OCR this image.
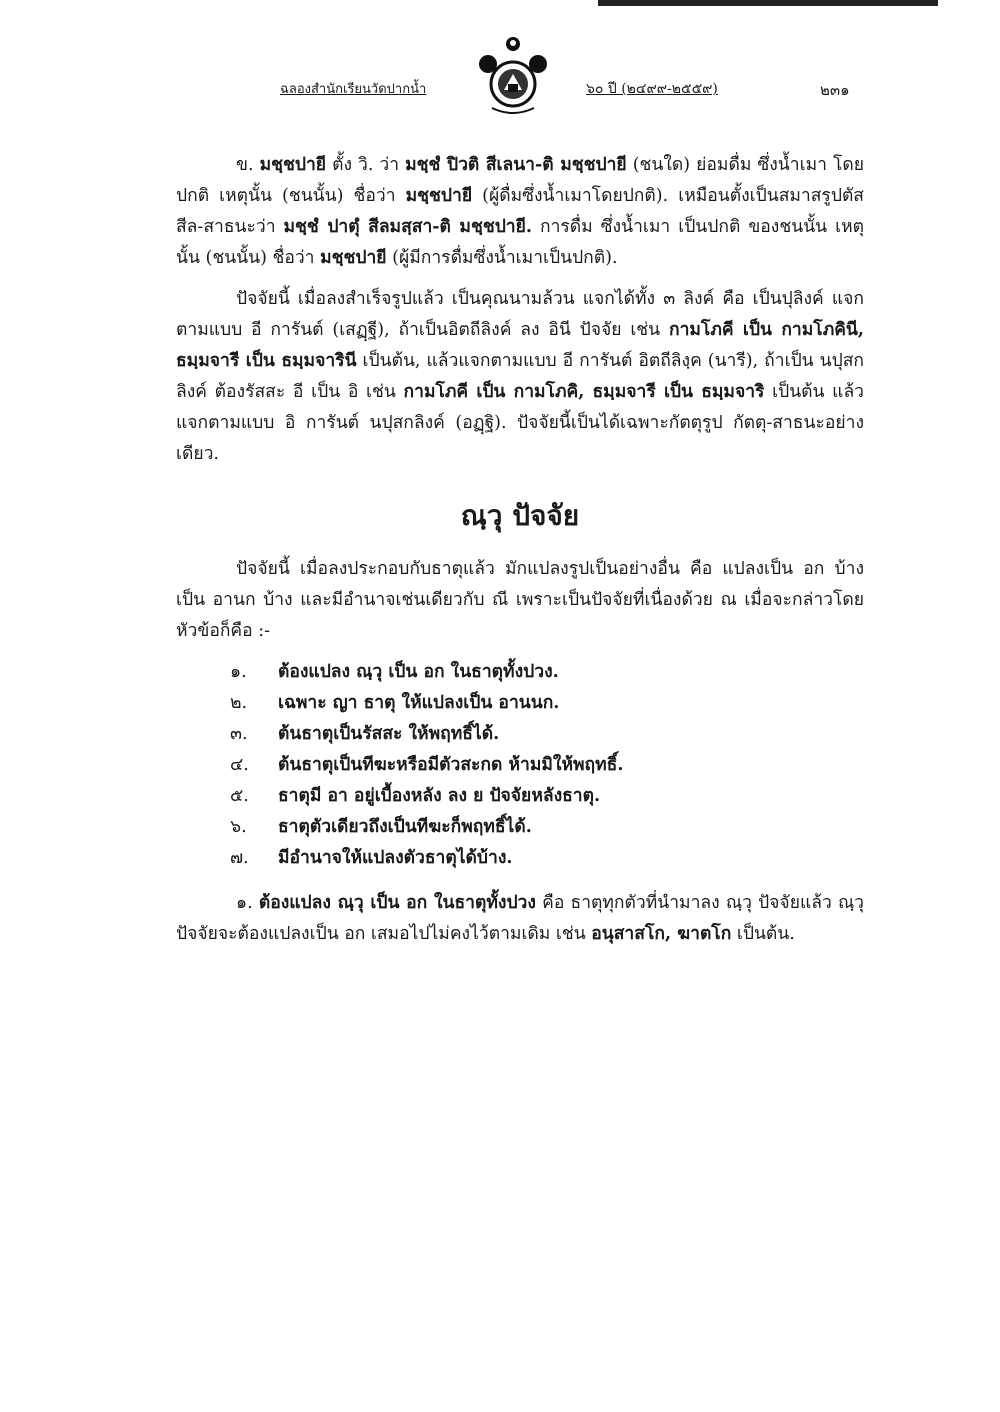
ฉลองสำนักเรียนวัดปากน้ำ	๖๐ ปี (๒๔๙๙-๒๕๕๙)	๒๓๑

ข. มชฺชปายี ตั้ง วิ. ว่า มชฺชํ ปิวติ สีเลนา-ติ มชฺชปายี (ชนใด) ย่อมดื่ม ซึ่งน้ำเมา โดยปกติ เหตุนั้น (ชนนั้น) ชื่อว่า มชฺชปายี (ผู้ดื่มซึ่งน้ำเมาโดยปกติ). เหมือนตั้งเป็นสมาสรูปตัสสีล-สาธนะว่า มชฺชํ ปาตุํ สีลมสฺสา-ติ มชฺชปายี. การดื่ม ซึ่งน้ำเมา เป็นปกติ ของชนนั้น เหตุนั้น (ชนนั้น) ชื่อว่า มชฺชปายี (ผู้มีการดื่มซึ่งน้ำเมาเป็นปกติ).

ปัจจัยนี้ เมื่อลงสำเร็จรูปแล้ว เป็นคุณนามล้วน แจกได้ทั้ง ๓ ลิงค์ คือ เป็นปุลิงค์ แจกตามแบบ อี การันต์ (เสฏฺฐี), ถ้าเป็นอิตถีลิงค์ ลง อินี ปัจจัย เช่น กามโภคี เป็น กามโภคินี, ธมฺมจารี เป็น ธมฺมจารินี เป็นต้น, แล้วแจกตามแบบ อี การันต์ อิตถีลิงฺค (นารี), ถ้าเป็น นปุสกลิงค์ ต้องรัสสะ อี เป็น อิ เช่น กามโภคี เป็น กามโภคิ, ธมฺมจารี เป็น ธมฺมจาริ เป็นต้น แล้วแจกตามแบบ อิ การันต์ นปุสกลิงค์ (อฏฺฐิ). ปัจจัยนี้เป็นได้เฉพาะกัตตุรูป กัตตุ-สาธนะอย่างเดียว.

ณฺวุ ปัจจัย

ปัจจัยนี้ เมื่อลงประกอบกับธาตุแล้ว มักแปลงรูปเป็นอย่างอื่น คือ แปลงเป็น อก บ้าง เป็น อานก บ้าง และมีอำนาจเช่นเดียวกับ ณี เพราะเป็นปัจจัยที่เนื่องด้วย ณ เมื่อจะกล่าวโดยหัวข้อก็คือ :-

๑. ต้องแปลง ณฺวุ เป็น อก ในธาตุทั้งปวง.
๒. เฉพาะ ญา ธาตุ ให้แปลงเป็น อานนก.
๓. ต้นธาตุเป็นรัสสะ ให้พฤทธิ์ได้.
๔. ต้นธาตุเป็นทีฆะหรือมีตัวสะกด ห้ามมิให้พฤทธิ์.
๕. ธาตุมี อา อยู่เบื้องหลัง ลง ย ปัจจัยหลังธาตุ.
๖. ธาตุตัวเดียวถึงเป็นทีฆะก็พฤทธิ์ได้.
๗. มีอำนาจให้แปลงตัวธาตุได้บ้าง.

๑. ต้องแปลง ณฺวุ เป็น อก ในธาตุทั้งปวง คือ ธาตุทุกตัวที่นำมาลง ณฺวุ ปัจจัยแล้ว ณฺวุ ปัจจัยจะต้องแปลงเป็น อก เสมอไปไม่คงไว้ตามเดิม เช่น อนุสาสโก, ฆาตโก เป็นต้น.
